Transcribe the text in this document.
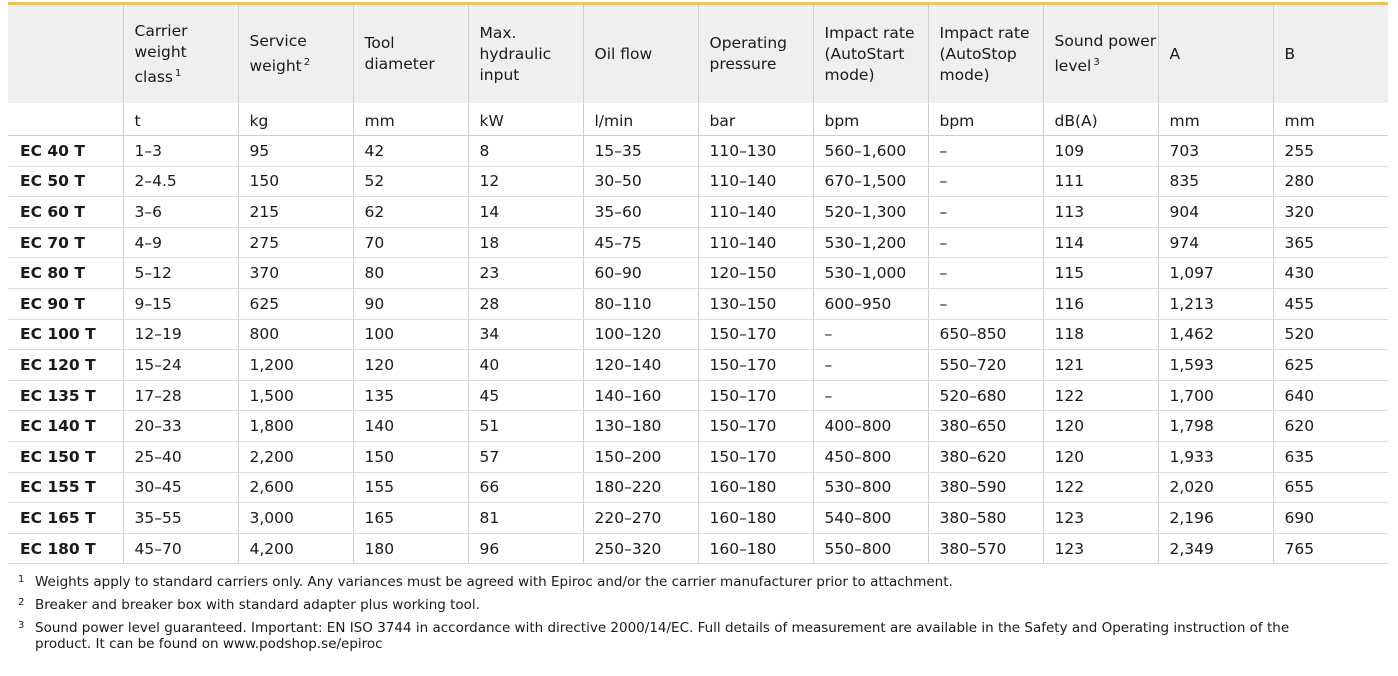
	Carrier weight class $^1$	Service weight $^2$	Tool diameter	Max. hydraulic input	Oil flow	Operating pressure	Impact rate (AutoStart mode)	Impact rate (AutoStop mode)	Sound power level $^3$	A	B
	t	kg	mm	kW	l/min	bar	bpm	bpm	dB(A)	mm	mm
EC 40 T	1–3	95	42	8	15–35	110–130	560–1,600	–	109	703	255
EC 50 T	2–4.5	150	52	12	30–50	110–140	670–1,500	–	111	835	280
EC 60 T	3–6	215	62	14	35–60	110–140	520–1,300	–	113	904	320
EC 70 T	4–9	275	70	18	45–75	110–140	530–1,200	–	114	974	365
EC 80 T	5–12	370	80	23	60–90	120–150	530–1,000	–	115	1,097	430
EC 90 T	9–15	625	90	28	80–110	130–150	600–950	–	116	1,213	455
EC 100 T	12–19	800	100	34	100–120	150–170	–	650–850	118	1,462	520
EC 120 T	15–24	1,200	120	40	120–140	150–170	–	550–720	121	1,593	625
EC 135 T	17–28	1,500	135	45	140–160	150–170	–	520–680	122	1,700	640
EC 140 T	20–33	1,800	140	51	130–180	150–170	400–800	380–650	120	1,798	620
EC 150 T	25–40	2,200	150	57	150–200	150–170	450–800	380–620	120	1,933	635
EC 155 T	30–45	2,600	155	66	180–220	160–180	530–800	380–590	122	2,020	655
EC 165 T	35–55	3,000	165	81	220–270	160–180	540–800	380–580	123	2,196	690
EC 180 T	45–70	4,200	180	96	250–320	160–180	550–800	380–570	123	2,349	765
1 Weights apply to standard carriers only. Any variances must be agreed with Epiroc and/or the carrier manufacturer prior to attachment.
2 Breaker and breaker box with standard adapter plus working tool.
3 Sound power level guaranteed. Important: EN ISO 3744 in accordance with directive 2000/14/EC. Full details of measurement are available in the Safety and Operating instruction of the product. It can be found on www.podshop.se/epiroc
